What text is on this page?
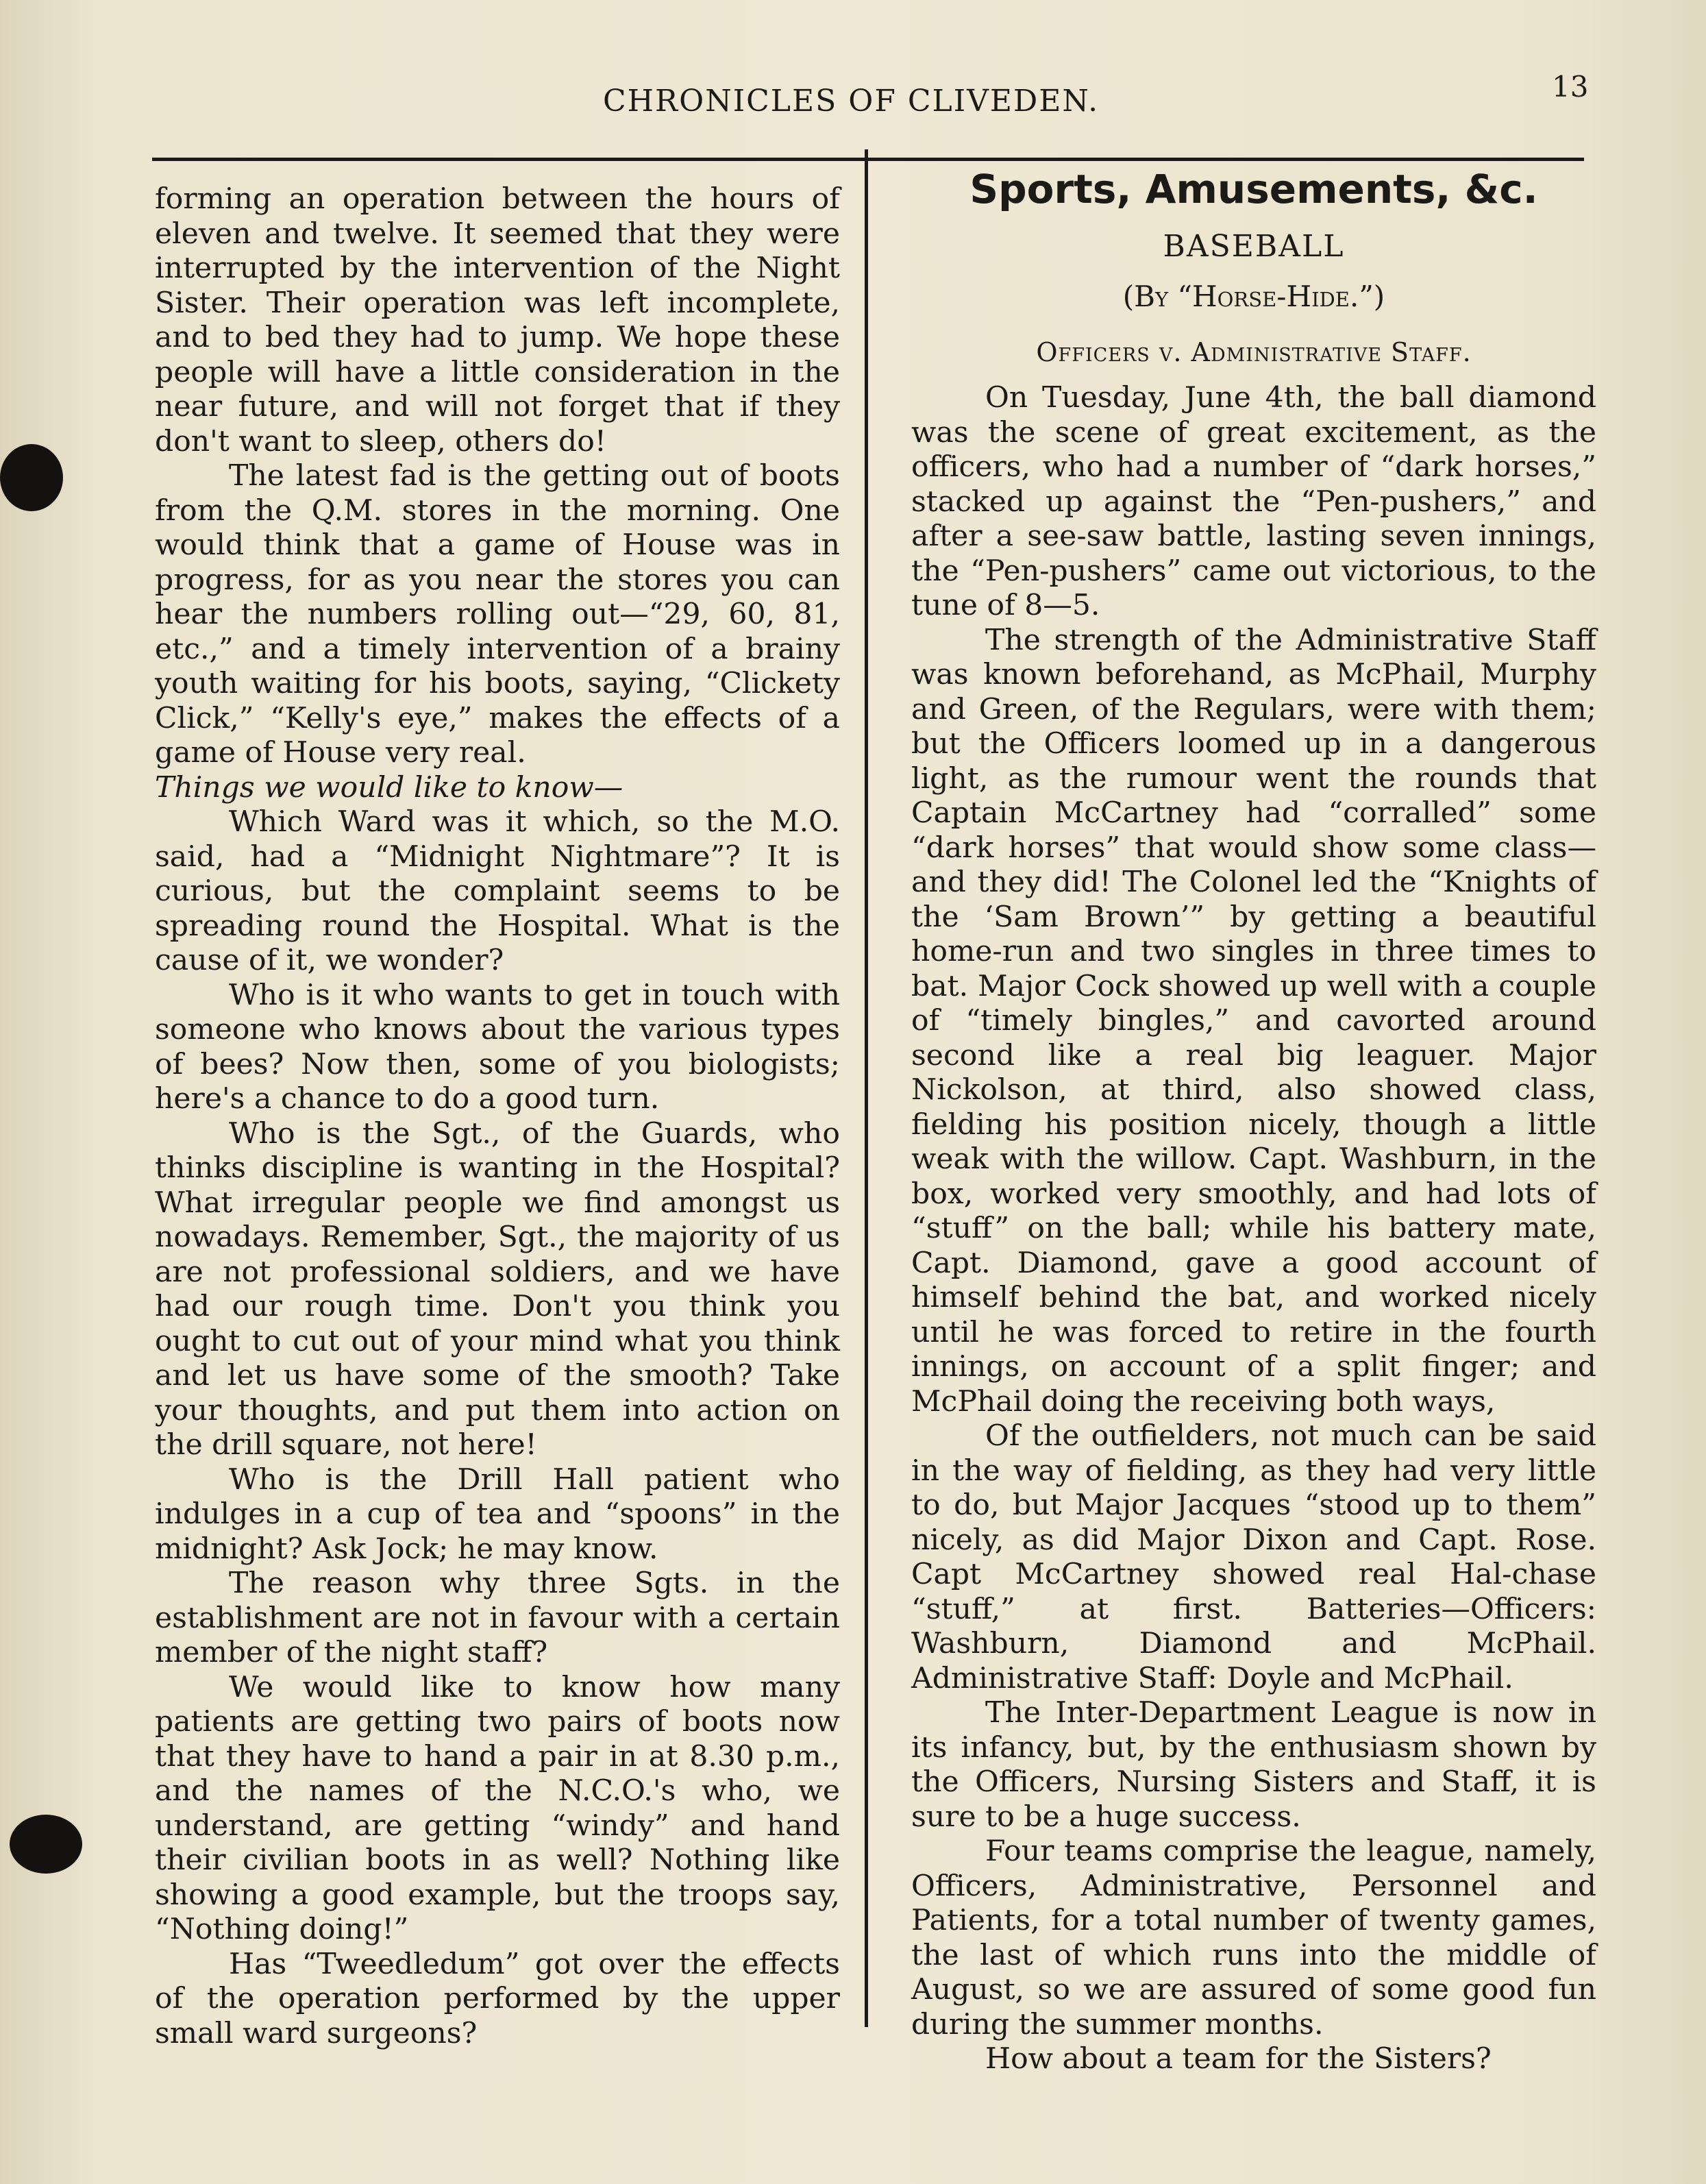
CHRONICLES OF CLIVEDEN.	13

forming an operation between the hours of eleven and twelve. It seemed that they were interrupted by the intervention of the Night Sister. Their operation was left incomplete, and to bed they had to jump. We hope these people will have a little consideration in the near future, and will not forget that if they don't want to sleep, others do!

The latest fad is the getting out of boots from the Q.M. stores in the morning. One would think that a game of House was in progress, for as you near the stores you can hear the numbers rolling out—“29, 60, 81, etc.,” and a timely intervention of a brainy youth waiting for his boots, saying, “Clickety Click,” “Kelly's eye,” makes the effects of a game of House very real.

Things we would like to know—

Which Ward was it which, so the M.O. said, had a “Midnight Nightmare”? It is curious, but the complaint seems to be spreading round the Hospital. What is the cause of it, we wonder?

Who is it who wants to get in touch with someone who knows about the various types of bees? Now then, some of you biologists; here's a chance to do a good turn.

Who is the Sgt., of the Guards, who thinks discipline is wanting in the Hospital? What irregular people we find amongst us nowadays. Remember, Sgt., the majority of us are not professional soldiers, and we have had our rough time. Don't you think you ought to cut out of your mind what you think and let us have some of the smooth? Take your thoughts, and put them into action on the drill square, not here!

Who is the Drill Hall patient who indulges in a cup of tea and “spoons” in the midnight? Ask Jock; he may know.

The reason why three Sgts. in the establishment are not in favour with a certain member of the night staff?

We would like to know how many patients are getting two pairs of boots now that they have to hand a pair in at 8.30 p.m., and the names of the N.C.O.'s who, we understand, are getting “windy” and hand their civilian boots in as well? Nothing like showing a good example, but the troops say, “Nothing doing!”

Has “Tweedledum” got over the effects of the operation performed by the upper small ward surgeons?

Sports, Amusements, &c.
BASEBALL
(By “Horse-Hide.”)
Officers v. Administrative Staff.

On Tuesday, June 4th, the ball diamond was the scene of great excitement, as the officers, who had a number of “dark horses,” stacked up against the “Pen-pushers,” and after a see-saw battle, lasting seven innings, the “Pen-pushers” came out victorious, to the tune of 8—5.

The strength of the Administrative Staff was known beforehand, as McPhail, Murphy and Green, of the Regulars, were with them; but the Officers loomed up in a dangerous light, as the rumour went the rounds that Captain McCartney had “corralled” some “dark horses” that would show some class—and they did! The Colonel led the “Knights of the ‘Sam Brown’” by getting a beautiful home-run and two singles in three times to bat. Major Cock showed up well with a couple of “timely bingles,” and cavorted around second like a real big leaguer. Major Nickolson, at third, also showed class, fielding his position nicely, though a little weak with the willow. Capt. Washburn, in the box, worked very smoothly, and had lots of “stuff” on the ball; while his battery mate, Capt. Diamond, gave a good account of himself behind the bat, and worked nicely until he was forced to retire in the fourth innings, on account of a split finger; and McPhail doing the receiving both ways,

Of the outfielders, not much can be said in the way of fielding, as they had very little to do, but Major Jacques “stood up to them” nicely, as did Major Dixon and Capt. Rose. Capt McCartney showed real Hal-chase “stuff,” at first. Batteries—Officers: Washburn, Diamond and McPhail. Administrative Staff: Doyle and McPhail.

The Inter-Department League is now in its infancy, but, by the enthusiasm shown by the Officers, Nursing Sisters and Staff, it is sure to be a huge success.

Four teams comprise the league, namely, Officers, Administrative, Personnel and Patients, for a total number of twenty games, the last of which runs into the middle of August, so we are assured of some good fun during the summer months.

How about a team for the Sisters?
